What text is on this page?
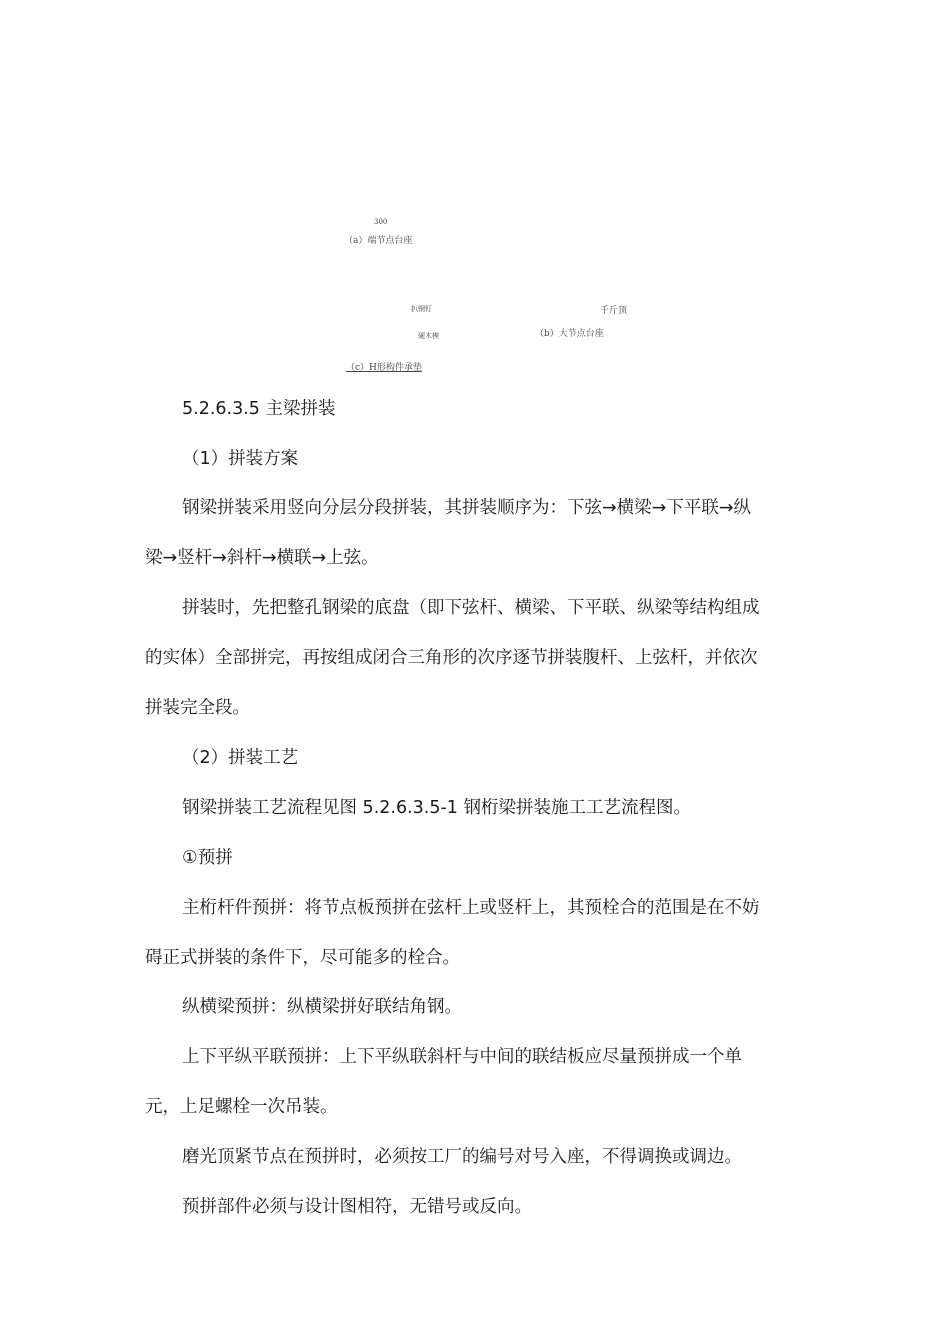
300
（a）端节点台座
扒钢钉	千斤顶
硬木楔	（b）大节点台座
（c）H形构件承垫
5.2.6.3.5 主梁拼装
（1）拼装方案
钢梁拼装采用竖向分层分段拼装，其拼装顺序为：下弦→横梁→下平联→纵
梁→竖杆→斜杆→横联→上弦。
拼装时，先把整孔钢梁的底盘（即下弦杆、横梁、下平联、纵梁等结构组成
的实体）全部拼完，再按组成闭合三角形的次序逐节拼装腹杆、上弦杆，并依次
拼装完全段。
（2）拼装工艺
钢梁拼装工艺流程见图 5.2.6.3.5-1 钢桁梁拼装施工工艺流程图。
①预拼
主桁杆件预拼：将节点板预拼在弦杆上或竖杆上，其预栓合的范围是在不妨
碍正式拼装的条件下，尽可能多的栓合。
纵横梁预拼：纵横梁拼好联结角钢。
上下平纵平联预拼：上下平纵联斜杆与中间的联结板应尽量预拼成一个单
元，上足螺栓一次吊装。
磨光顶紧节点在预拼时，必须按工厂的编号对号入座，不得调换或调边。
预拼部件必须与设计图相符，无错号或反向。
